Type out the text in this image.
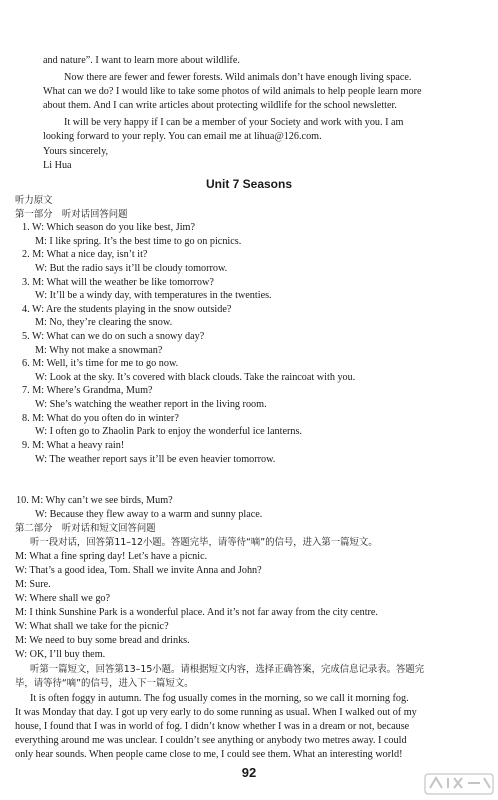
and nature”. I want to learn more about wildlife.
Now there are fewer and fewer forests. Wild animals don’t have enough living space.
What can we do? I would like to take some photos of wild animals to help people learn more
about them. And I can write articles about protecting wildlife for the school newsletter.
It will be very happy if I can be a member of your Society and work with you. I am
looking forward to your reply. You can email me at lihua@126.com.
Yours sincerely,
Li Hua
Unit 7 Seasons
听力原文
第一部分　听对话回答问题
1. W: Which season do you like best, Jim?
M: I like spring. It’s the best time to go on picnics.
2. M: What a nice day, isn’t it?
W: But the radio says it’ll be cloudy tomorrow.
3. M: What will the weather be like tomorrow?
W: It’ll be a windy day, with temperatures in the twenties.
4. W: Are the students playing in the snow outside?
M: No, they’re clearing the snow.
5. W: What can we do on such a snowy day?
M: Why not make a snowman?
6. M: Well, it’s time for me to go now.
W: Look at the sky. It’s covered with black clouds. Take the raincoat with you.
7. M: Where’s Grandma, Mum?
W: She’s watching the weather report in the living room.
8. M: What do you often do in winter?
W: I often go to Zhaolin Park to enjoy the wonderful ice lanterns.
9. M: What a heavy rain!
W: The weather report says it’ll be even heavier tomorrow.
10. M: Why can’t we see birds, Mum?
W: Because they flew away to a warm and sunny place.
第二部分　听对话和短文回答问题
听一段对话，回答第11–12小题。答题完毕，请等待“嘀”的信号，进入第一篇短文。
M: What a fine spring day! Let’s have a picnic.
W: That’s a good idea, Tom. Shall we invite Anna and John?
M: Sure.
W: Where shall we go?
M: I think Sunshine Park is a wonderful place. And it’s not far away from the city centre.
W: What shall we take for the picnic?
M: We need to buy some bread and drinks.
W: OK, I’ll buy them.
听第一篇短文，回答第13–15小题。请根据短文内容，选择正确答案，完成信息记录表。答题完
毕，请等待“嘀”的信号，进入下一篇短文。
It is often foggy in autumn. The fog usually comes in the morning, so we call it morning fog.
It was Monday that day. I got up very early to do some running as usual. When I walked out of my
house, I found that I was in world of fog. I didn’t know whether I was in a dream or not, because
everything around me was unclear. I couldn’t see anything or anybody two metres away. I could
only hear sounds. When people came close to me, I could see them. What an interesting world!
92
